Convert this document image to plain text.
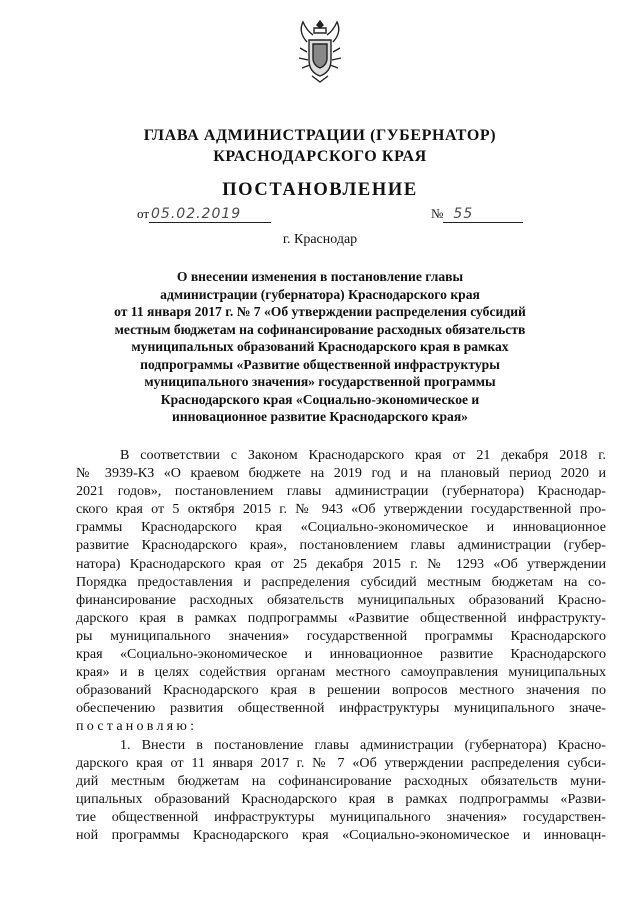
ГЛАВА АДМИНИСТРАЦИИ (ГУБЕРНАТОР)
КРАСНОДАРСКОГО КРАЯ
ПОСТАНОВЛЕНИЕ
от 05.02.2019	№ 55
г. Краснодар
О внесении изменения в постановление главы
администрации (губернатора) Краснодарского края
от 11 января 2017 г. № 7 «Об утверждении распределения субсидий
местным бюджетам на софинансирование расходных обязательств
муниципальных образований Краснодарского края в рамках
подпрограммы «Развитие общественной инфраструктуры
муниципального значения» государственной программы
Краснодарского края «Социально-экономическое и
инновационное развитие Краснодарского края»
В соответствии с Законом Краснодарского края от 21 декабря 2018 г.
№ 3939-КЗ «О краевом бюджете на 2019 год и на плановый период 2020 и
2021 годов», постановлением главы администрации (губернатора) Краснодар-
ского края от 5 октября 2015 г. № 943 «Об утверждении государственной про-
граммы Краснодарского края «Социально-экономическое и инновационное
развитие Краснодарского края», постановлением главы администрации (губер-
натора) Краснодарского края от 25 декабря 2015 г. № 1293 «Об утверждении
Порядка предоставления и распределения субсидий местным бюджетам на со-
финансирование расходных обязательств муниципальных образований Красно-
дарского края в рамках подпрограммы «Развитие общественной инфраструкту-
ры муниципального значения» государственной программы Краснодарского
края «Социально-экономическое и инновационное развитие Краснодарского
края» и в целях содействия органам местного самоуправления муниципальных
образований Краснодарского края в решении вопросов местного значения по
обеспечению развития общественной инфраструктуры муниципального значе-
постановляю:
1. Внести в постановление главы администрации (губернатора) Красно-
дарского края от 11 января 2017 г. № 7 «Об утверждении распределения субси-
дий местным бюджетам на софинансирование расходных обязательств муни-
ципальных образований Краснодарского края в рамках подпрограммы «Разви-
тие общественной инфраструктуры муниципального значения» государствен-
ной программы Краснодарского края «Социально-экономическое и инновацн-
